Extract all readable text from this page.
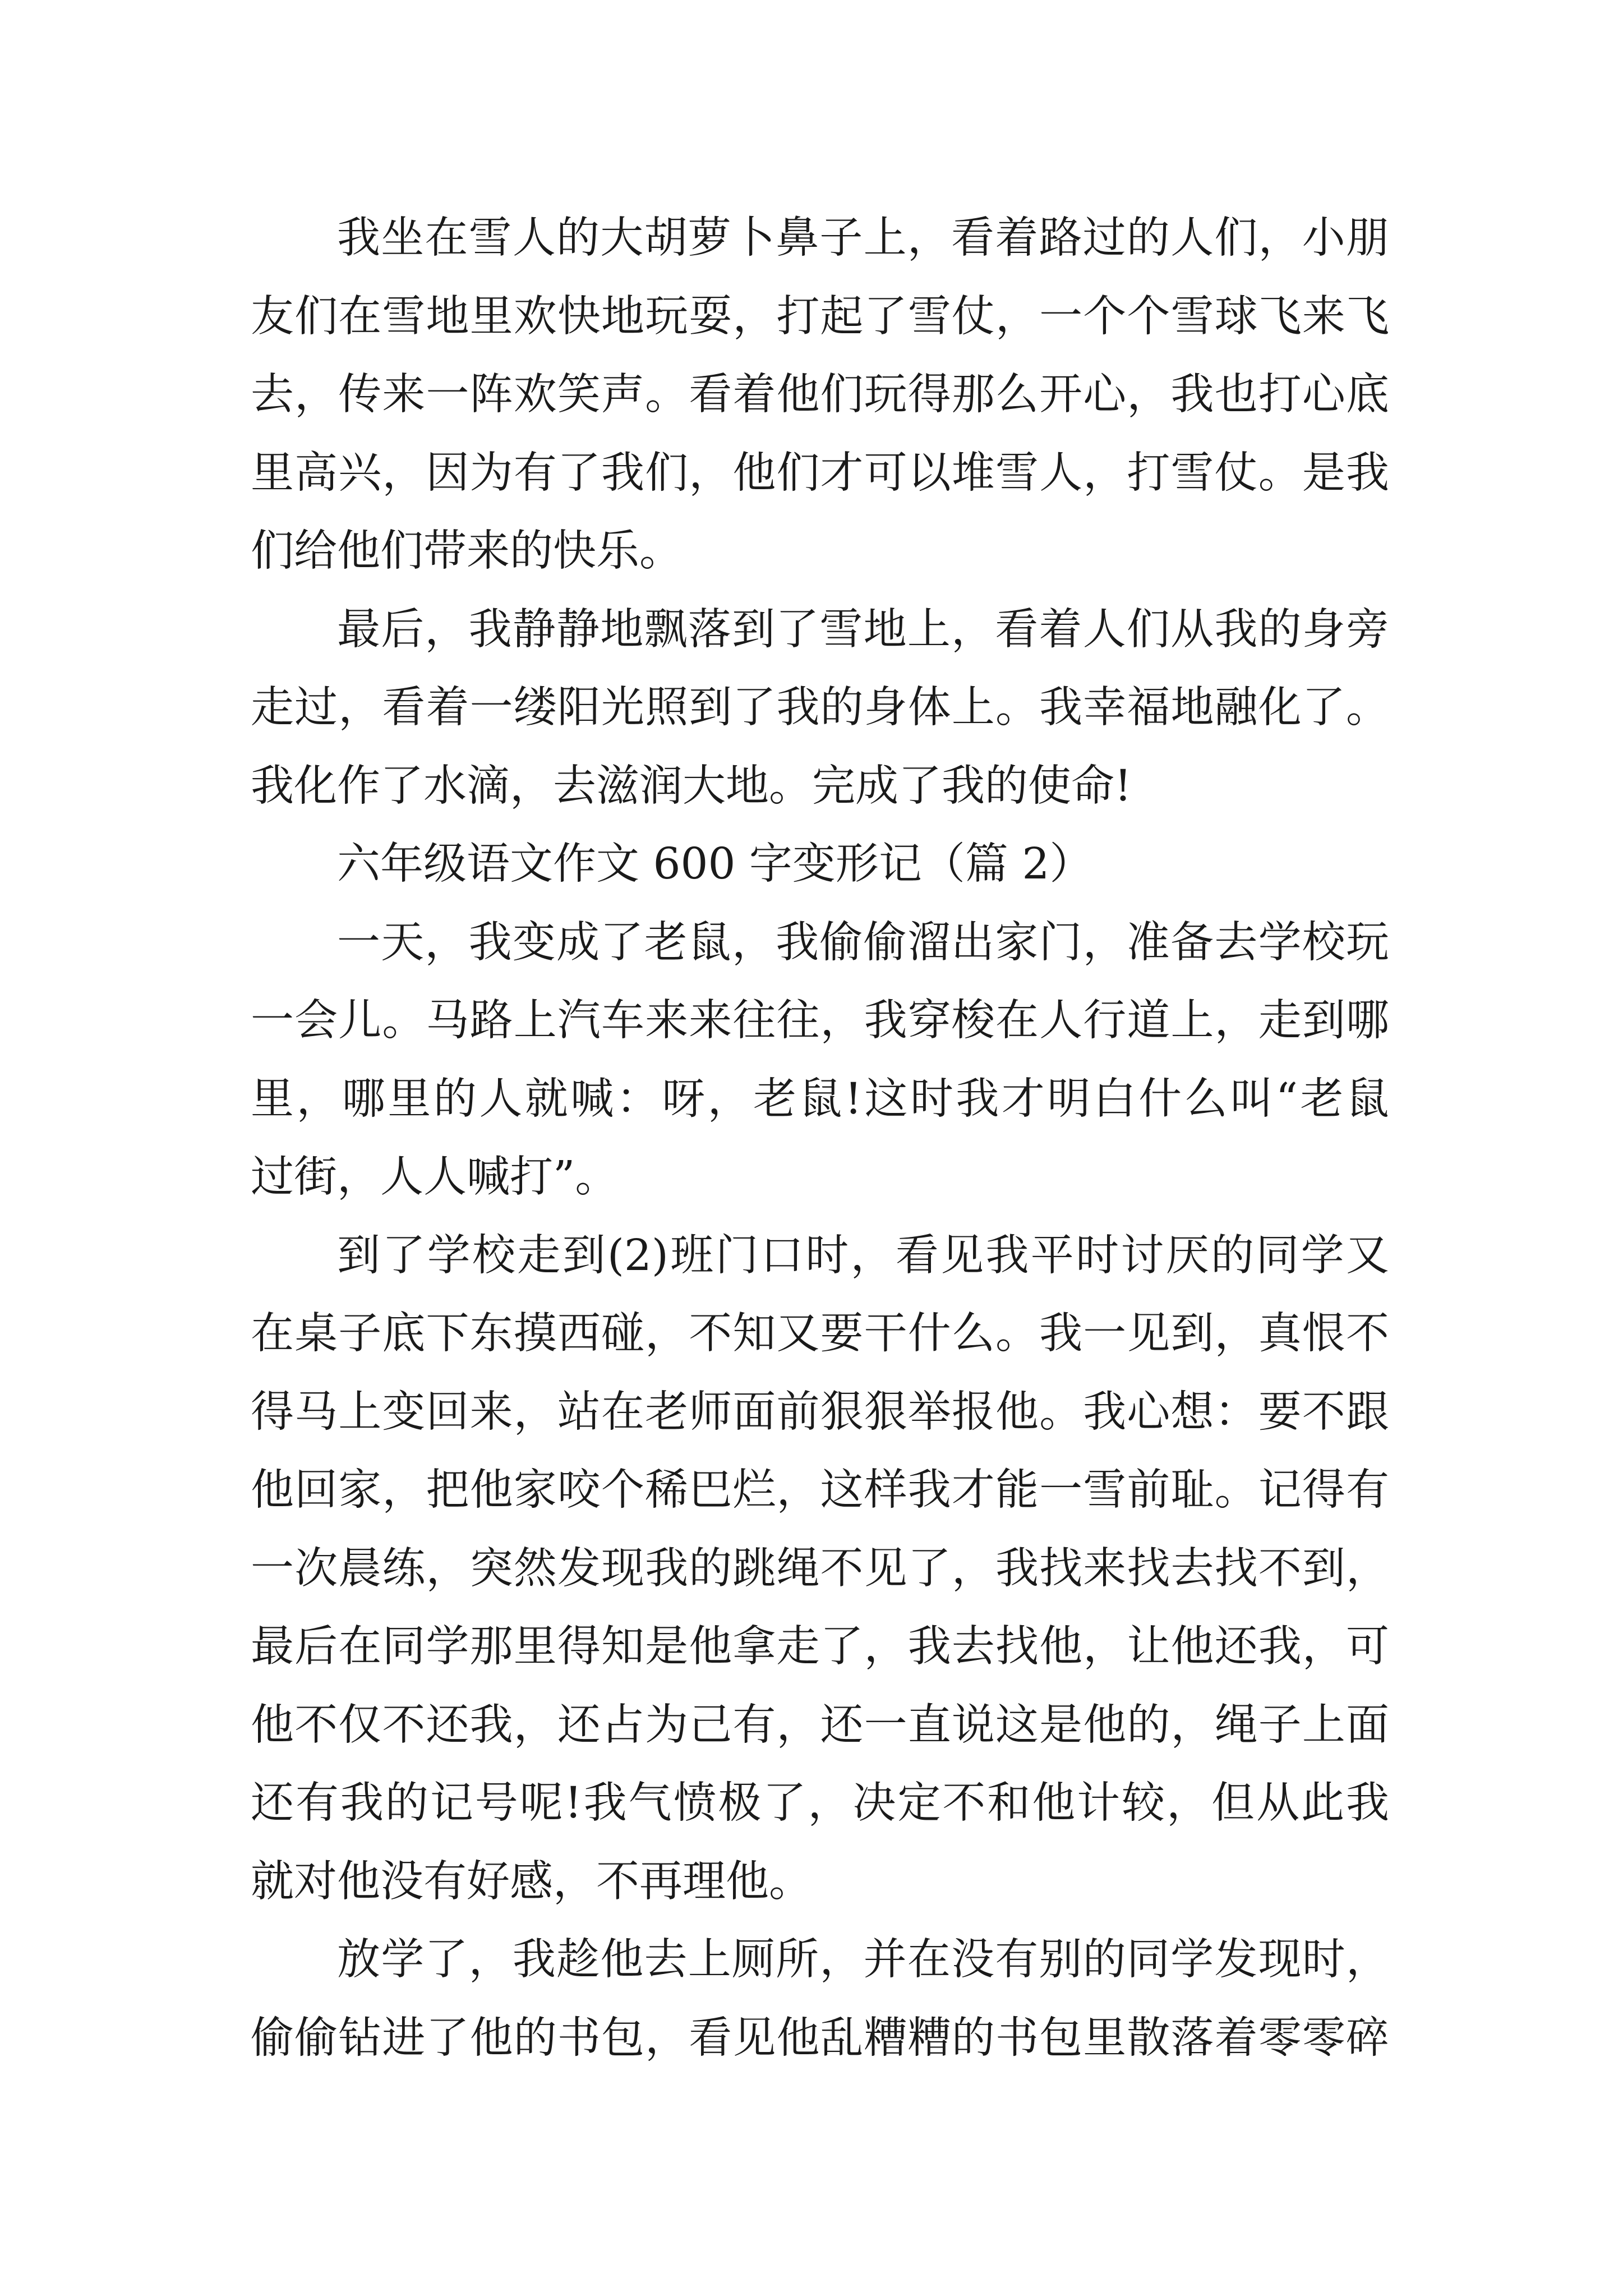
我坐在雪人的大胡萝卜鼻子上，看着路过的人们，小朋
友们在雪地里欢快地玩耍，打起了雪仗，一个个雪球飞来飞
去，传来一阵欢笑声。看着他们玩得那么开心，我也打心底
里高兴，因为有了我们，他们才可以堆雪人，打雪仗。是我
们给他们带来的快乐。
最后，我静静地飘落到了雪地上，看着人们从我的身旁
走过，看着一缕阳光照到了我的身体上。我幸福地融化了。
我化作了水滴，去滋润大地。完成了我的使命!
六年级语文作文 600 字变形记（篇 2）
一天，我变成了老鼠，我偷偷溜出家门，准备去学校玩
一会儿。马路上汽车来来往往，我穿梭在人行道上，走到哪
里，哪里的人就喊：呀，老鼠!这时我才明白什么叫“老鼠
过街，人人喊打”。
到了学校走到(2)班门口时，看见我平时讨厌的同学又
在桌子底下东摸西碰，不知又要干什么。我一见到，真恨不
得马上变回来，站在老师面前狠狠举报他。我心想：要不跟
他回家，把他家咬个稀巴烂，这样我才能一雪前耻。记得有
一次晨练，突然发现我的跳绳不见了，我找来找去找不到，
最后在同学那里得知是他拿走了，我去找他，让他还我，可
他不仅不还我，还占为己有，还一直说这是他的，绳子上面
还有我的记号呢!我气愤极了，决定不和他计较，但从此我
就对他没有好感，不再理他。
放学了，我趁他去上厕所，并在没有别的同学发现时，
偷偷钻进了他的书包，看见他乱糟糟的书包里散落着零零碎
